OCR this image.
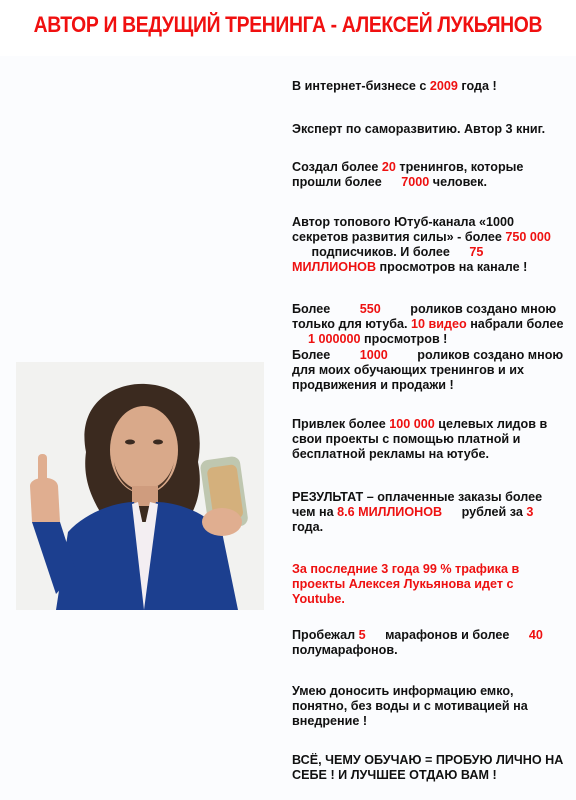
АВТОР И ВЕДУЩИЙ ТРЕНИНГА - АЛЕКСЕЙ ЛУКЬЯНОВ
В интернет-бизнесе с 2009 года !
Эксперт по саморазвитию. Автор 3 книг.
Создал более 20 тренингов, которые прошли более 7000 человек.
Автор топового Ютуб-канала «1000 секретов развития силы» - более 750 000 подписчиков. И более 75 МИЛЛИОНОВ просмотров на канале !
Более 550 роликов создано мною только для ютуба. 10 видео набрали более 1 000000 просмотров !
Более 1000 роликов создано мною для моих обучающих тренингов и их продвижения и продажи !
Привлек более 100 000 целевых лидов в свои проекты с помощью платной и бесплатной рекламы на ютубе.
РЕЗУЛЬТАТ – оплаченные заказы более чем на 8.6 МИЛЛИОНОВ рублей за 3 года.
За последние 3 года 99 % трафика в проекты Алексея Лукьянова идет с Youtube.
Пробежал 5 марафонов и более 40 полумарафонов.
Умею доносить информацию емко, понятно, без воды и с мотивацией на внедрение !
ВСЁ, ЧЕМУ ОБУЧАЮ = ПРОБУЮ ЛИЧНО НА СЕБЕ ! И ЛУЧШЕЕ ОТДАЮ ВАМ !
